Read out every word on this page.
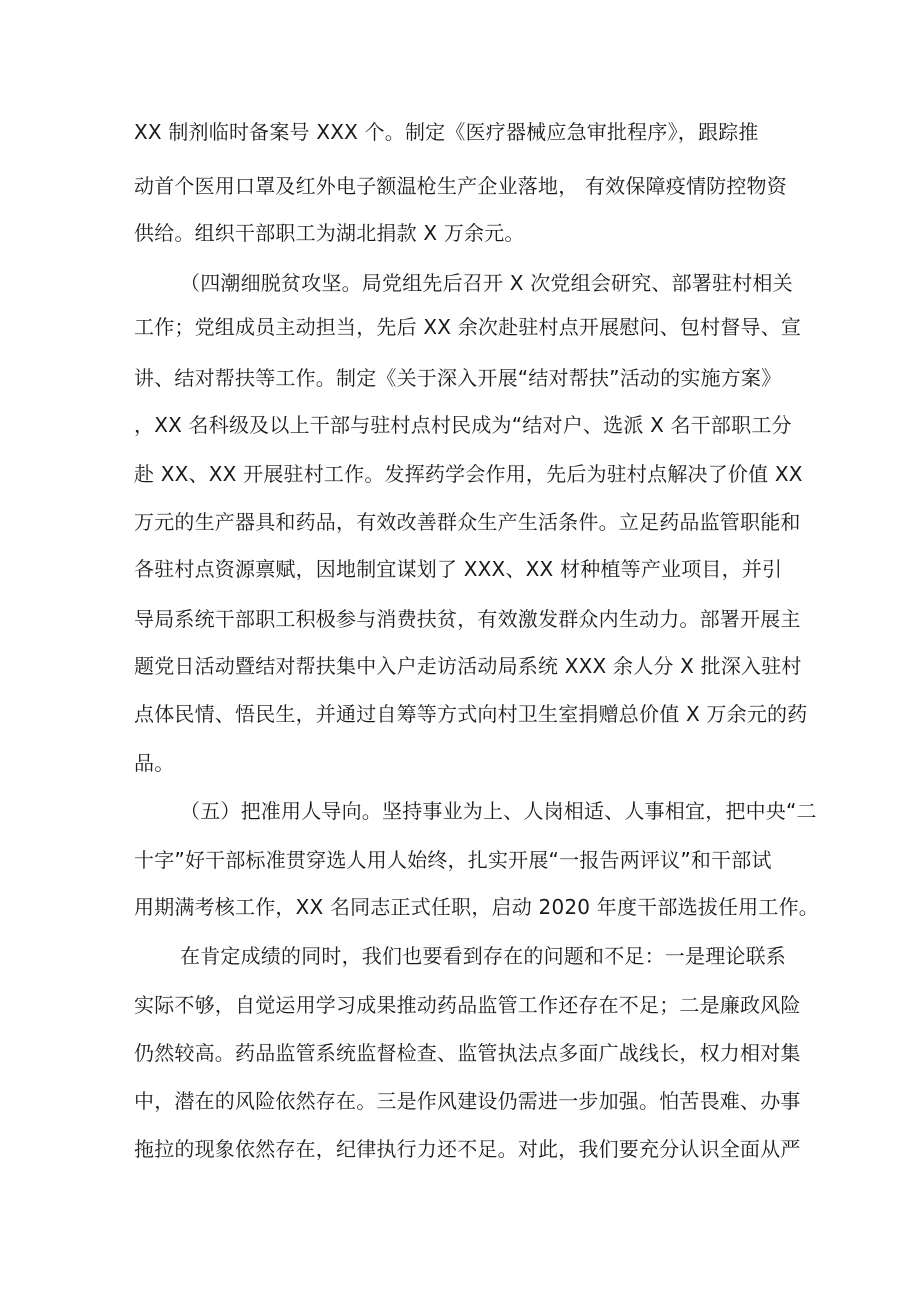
XX 制剂临时备案号 XXX 个。制定《医疗器械应急审批程序》，跟踪推

动首个医用口罩及红外电子额温枪生产企业落地， 有效保障疫情防控物资

供给。组织干部职工为湖北捐款 X 万余元。

（四潮细脱贫攻坚。局党组先后召开 X 次党组会研究、部署驻村相关

工作；党组成员主动担当，先后 XX 余次赴驻村点开展慰问、包村督导、宣

讲、结对帮扶等工作。制定《关于深入开展“结对帮扶”活动的实施方案》

，XX 名科级及以上干部与驻村点村民成为“结对户、选派 X 名干部职工分

赴 XX、XX 开展驻村工作。发挥药学会作用，先后为驻村点解决了价值 XX

万元的生产器具和药品，有效改善群众生产生活条件。立足药品监管职能和

各驻村点资源禀赋，因地制宜谋划了 XXX、XX 材种植等产业项目，并引

导局系统干部职工积极参与消费扶贫，有效激发群众内生动力。部署开展主

题党日活动暨结对帮扶集中入户走访活动局系统 XXX 余人分 X 批深入驻村

点体民情、悟民生，并通过自筹等方式向村卫生室捐赠总价值 X 万余元的药

品。

（五）把准用人导向。坚持事业为上、人岗相适、人事相宜，把中央“二

十字”好干部标准贯穿选人用人始终，扎实开展“一报告两评议”和干部试

用期满考核工作，XX 名同志正式任职，启动 2020 年度干部选拔任用工作。

在肯定成绩的同时，我们也要看到存在的问题和不足：一是理论联系

实际不够，自觉运用学习成果推动药品监管工作还存在不足；二是廉政风险

仍然较高。药品监管系统监督检查、监管执法点多面广战线长，权力相对集

中，潜在的风险依然存在。三是作风建设仍需进一步加强。怕苦畏难、办事

拖拉的现象依然存在，纪律执行力还不足。对此，我们要充分认识全面从严
